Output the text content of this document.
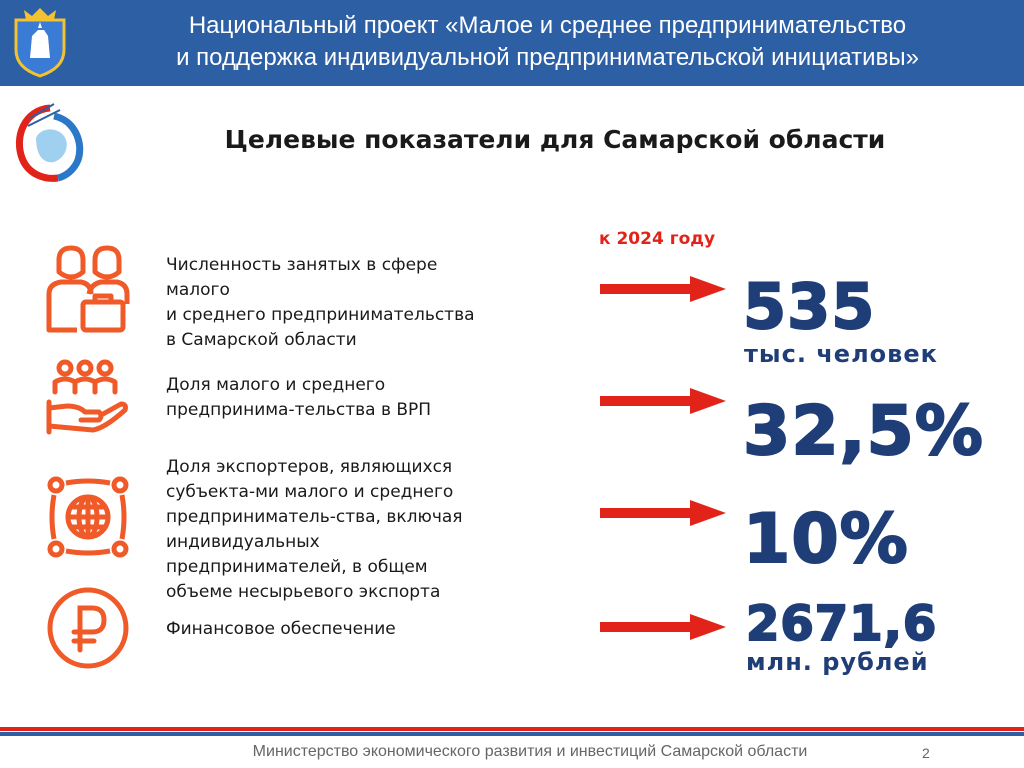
Национальный проект «Малое и среднее предпринимательство
и поддержка индивидуальной предпринимательской инициативы»
Целевые показатели для Самарской области
к 2024 году
Численность занятых в сфере
малого
и среднего предпринимательства
в Самарской области	535
тыс. человек
Доля малого и среднего
предпринима-тельства в ВРП	32,5%
Доля экспортеров, являющихся
субъекта-ми малого и среднего
предприниматель-ства, включая
индивидуальных
предпринимателей, в общем
объеме несырьевого экспорта
10%
Финансовое обеспечение	2671,6
млн. рублей
Министерство экономического развития и инвестиций Самарской области	2
